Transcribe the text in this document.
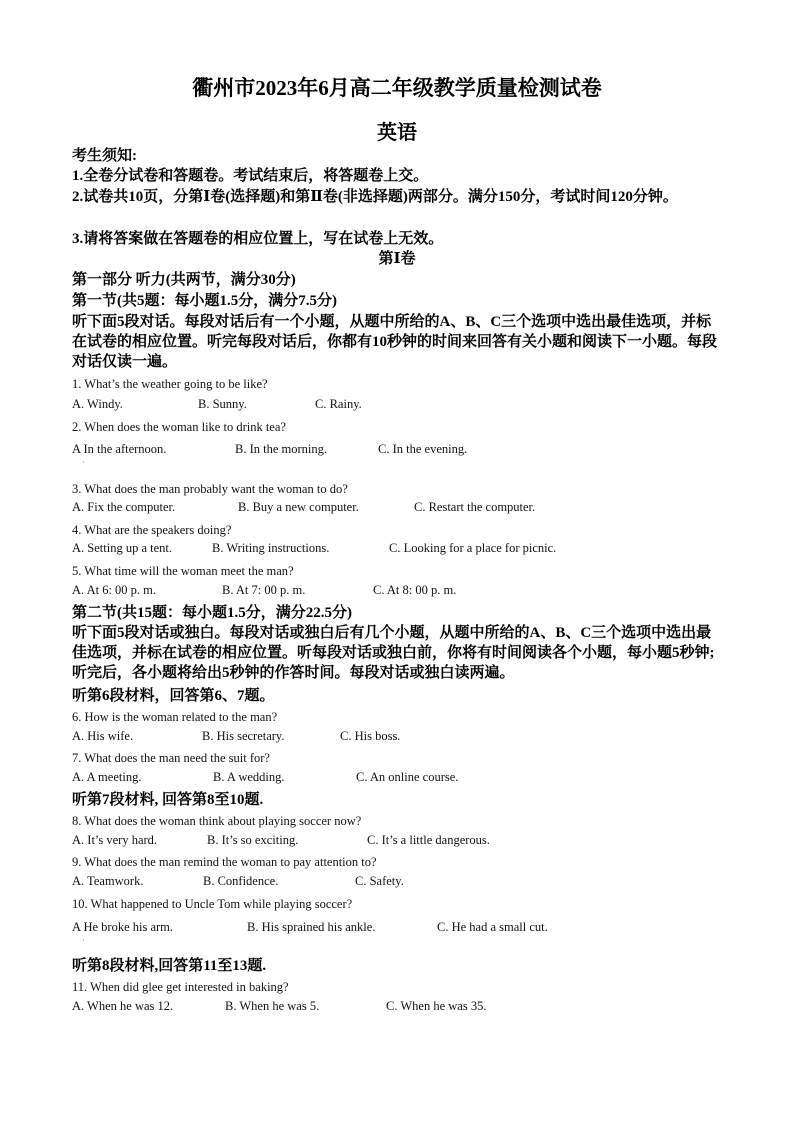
衢州市2023年6月高二年级教学质量检测试卷
英语
考生须知:
1.全卷分试卷和答题卷。考试结束后，将答题卷上交。
2.试卷共10页，分第Ⅰ卷(选择题)和第Ⅱ卷(非选择题)两部分。满分150分，考试时间120分钟。
3.请将答案做在答题卷的相应位置上，写在试卷上无效。
第Ⅰ卷
第一部分 听力(共两节，满分30分)
第一节(共5题：每小题1.5分，满分7.5分)
听下面5段对话。每段对话后有一个小题，从题中所给的A、B、C三个选项中选出最佳选项，并标在试卷的相应位置。听完每段对话后，你都有10秒钟的时间来回答有关小题和阅读下一小题。每段对话仅读一遍。
1. What’s the weather going to be like?
A. Windy.	B. Sunny.	C. Rainy.
2. When does the woman like to drink tea?
A In the afternoon.	B. In the morning.	C. In the evening.
·
3. What does the man probably want the woman to do?
A. Fix the computer.	B. Buy a new computer.	C. Restart the computer.
4. What are the speakers doing?
A. Setting up a tent.	B. Writing instructions.	C. Looking for a place for picnic.
5. What time will the woman meet the man?
A. At 6: 00 p. m.	B. At 7: 00 p. m.	C. At 8: 00 p. m.
第二节(共15题：每小题1.5分，满分22.5分)
听下面5段对话或独白。每段对话或独白后有几个小题，从题中所给的A、B、C三个选项中选出最佳选项，并标在试卷的相应位置。听每段对话或独白前，你将有时间阅读各个小题，每小题5秒钟;听完后，各小题将给出5秒钟的作答时间。每段对话或独白读两遍。
听第6段材料，回答第6、7题。
6. How is the woman related to the man?
A. His wife.	B. His secretary.	C. His boss.
7. What does the man need the suit for?
A. A meeting.	B. A wedding.	C. An online course.
听第7段材料, 回答第8至10题.
8. What does the woman think about playing soccer now?
A. It’s very hard.	B. It’s so exciting.	C. It’s a little dangerous.
9. What does the man remind the woman to pay attention to?
A. Teamwork.	B. Confidence.	C. Safety.
10. What happened to Uncle Tom while playing soccer?
A He broke his arm.	B. His sprained his ankle.	C. He had a small cut.
·
听第8段材料,回答第11至13题.
11. When did glee get interested in baking?
A. When he was 12.	B. When he was 5.	C. When he was 35.
